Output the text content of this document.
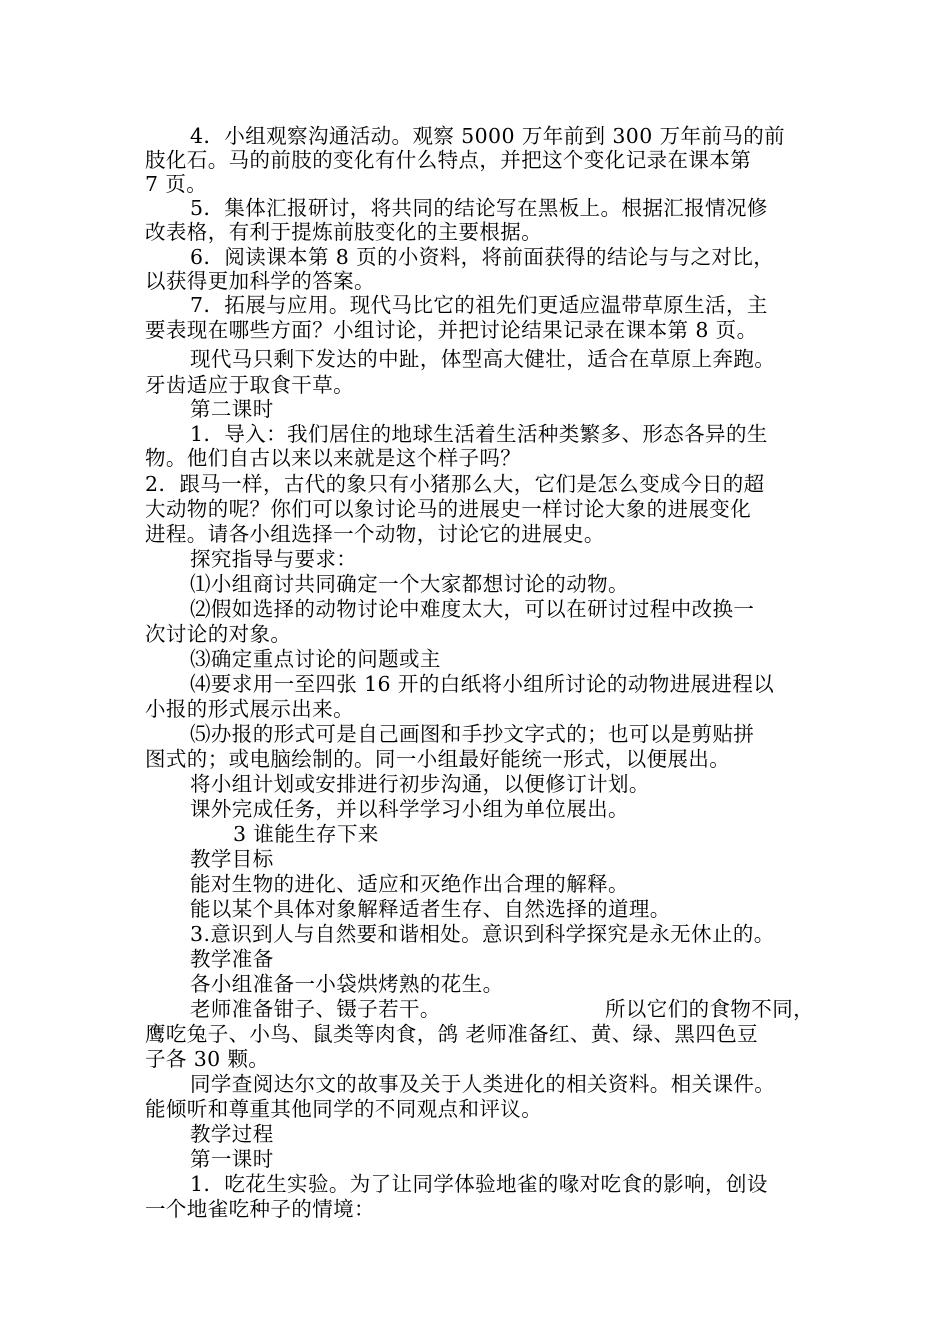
4．小组观察沟通活动。观察 5000 万年前到 300 万年前马的前
肢化石。马的前肢的变化有什么特点，并把这个变化记录在课本第
7 页。
5．集体汇报研讨，将共同的结论写在黑板上。根据汇报情况修
改表格，有利于提炼前肢变化的主要根据。
6．阅读课本第 8 页的小资料，将前面获得的结论与与之对比，
以获得更加科学的答案。
7．拓展与应用。现代马比它的祖先们更适应温带草原生活，主
要表现在哪些方面？小组讨论，并把讨论结果记录在课本第 8 页。
现代马只剩下发达的中趾，体型高大健壮，适合在草原上奔跑。
牙齿适应于取食干草。
第二课时
1．导入：我们居住的地球生活着生活种类繁多、形态各异的生
物。他们自古以来以来就是这个样子吗？
2．跟马一样，古代的象只有小猪那么大，它们是怎么变成今日的超
大动物的呢？你们可以象讨论马的进展史一样讨论大象的进展变化
进程。请各小组选择一个动物，讨论它的进展史。
探究指导与要求：
⑴小组商讨共同确定一个大家都想讨论的动物。
⑵假如选择的动物讨论中难度太大，可以在研讨过程中改换一
次讨论的对象。
⑶确定重点讨论的问题或主
⑷要求用一至四张 16 开的白纸将小组所讨论的动物进展进程以
小报的形式展示出来。
⑸办报的形式可是自己画图和手抄文字式的；也可以是剪贴拼
图式的；或电脑绘制的。同一小组最好能统一形式，以便展出。
将小组计划或安排进行初步沟通，以便修订计划。
课外完成任务，并以科学学习小组为单位展出。
3 谁能生存下来
教学目标
能对生物的进化、适应和灭绝作出合理的解释。
能以某个具体对象解释适者生存、自然选择的道理。
3.意识到人与自然要和谐相处。意识到科学探究是永无休止的。
教学准备
各小组准备一小袋烘烤熟的花生。
老师准备钳子、镊子若干。	所以它们的食物不同，
鹰吃兔子、小鸟、鼠类等肉食，鸽 老师准备红、黄、绿、黑四色豆
子各 30 颗。
同学查阅达尔文的故事及关于人类进化的相关资料。相关课件。
能倾听和尊重其他同学的不同观点和评议。
教学过程
第一课时
1．吃花生实验。为了让同学体验地雀的喙对吃食的影响，创设
一个地雀吃种子的情境：
